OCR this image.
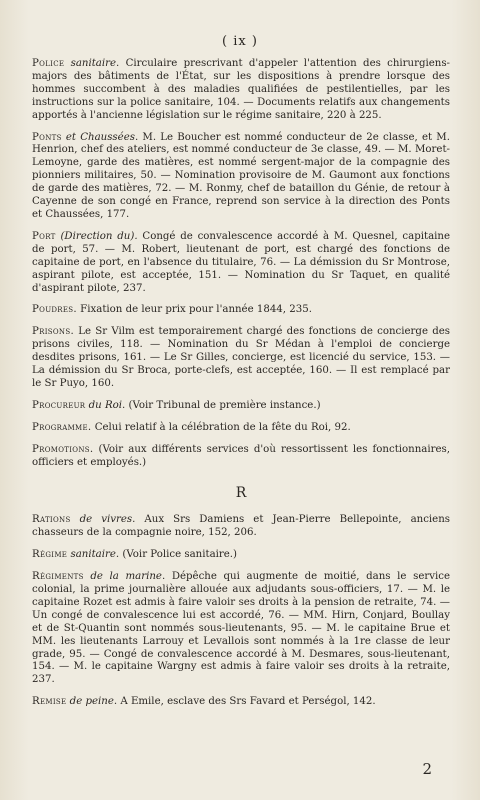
( ix )

Police sanitaire. Circulaire prescrivant d'appeler l'attention des chirurgiens-majors des bâtiments de l'État, sur les dispositions à prendre lorsque des hommes succombent à des maladies qualifiées de pestilentielles, par les instructions sur la police sanitaire, 104. — Documents relatifs aux changements apportés à l'ancienne législation sur le régime sanitaire, 220 à 225.

Ponts et Chaussées. M. Le Boucher est nommé conducteur de 2e classe, et M. Henrion, chef des ateliers, est nommé conducteur de 3e classe, 49. — M. Moret-Lemoyne, garde des matières, est nommé sergent-major de la compagnie des pionniers militaires, 50. — Nomination provisoire de M. Gaumont aux fonctions de garde des matières, 72. — M. Ronmy, chef de bataillon du Génie, de retour à Cayenne de son congé en France, reprend son service à la direction des Ponts et Chaussées, 177.

Port (Direction du). Congé de convalescence accordé à M. Quesnel, capitaine de port, 57. — M. Robert, lieutenant de port, est chargé des fonctions de capitaine de port, en l'absence du titulaire, 76. — La démission du Sr Montrose, aspirant pilote, est acceptée, 151. — Nomination du Sr Taquet, en qualité d'aspirant pilote, 237.

Poudres. Fixation de leur prix pour l'année 1844, 235.

Prisons. Le Sr Vilm est temporairement chargé des fonctions de concierge des prisons civiles, 118. — Nomination du Sr Médan à l'emploi de concierge desdites prisons, 161. — Le Sr Gilles, concierge, est licencié du service, 153. — La démission du Sr Broca, porte-clefs, est acceptée, 160. — Il est remplacé par le Sr Puyo, 160.

Procureur du Roi. (Voir Tribunal de première instance.)

Programme. Celui relatif à la célébration de la fête du Roi, 92.

Promotions. (Voir aux différents services d'où ressortissent les fonctionnaires, officiers et employés.)

R

Rations de vivres. Aux Srs Damiens et Jean-Pierre Bellepointe, anciens chasseurs de la compagnie noire, 152, 206.

Régime sanitaire. (Voir Police sanitaire.)

Régiments de la marine. Dépêche qui augmente de moitié, dans le service colonial, la prime journalière allouée aux adjudants sous-officiers, 17. — M. le capitaine Rozet est admis à faire valoir ses droits à la pension de retraite, 74. — Un congé de convalescence lui est accordé, 76. — MM. Hirn, Conjard, Boullay et de St-Quantin sont nommés sous-lieutenants, 95. — M. le capitaine Brue et MM. les lieutenants Larrouy et Levallois sont nommés à la 1re classe de leur grade, 95. — Congé de convalescence accordé à M. Desmares, sous-lieutenant, 154. — M. le capitaine Wargny est admis à faire valoir ses droits à la retraite, 237.

Remise de peine. A Emile, esclave des Srs Favard et Perségol, 142.

2
